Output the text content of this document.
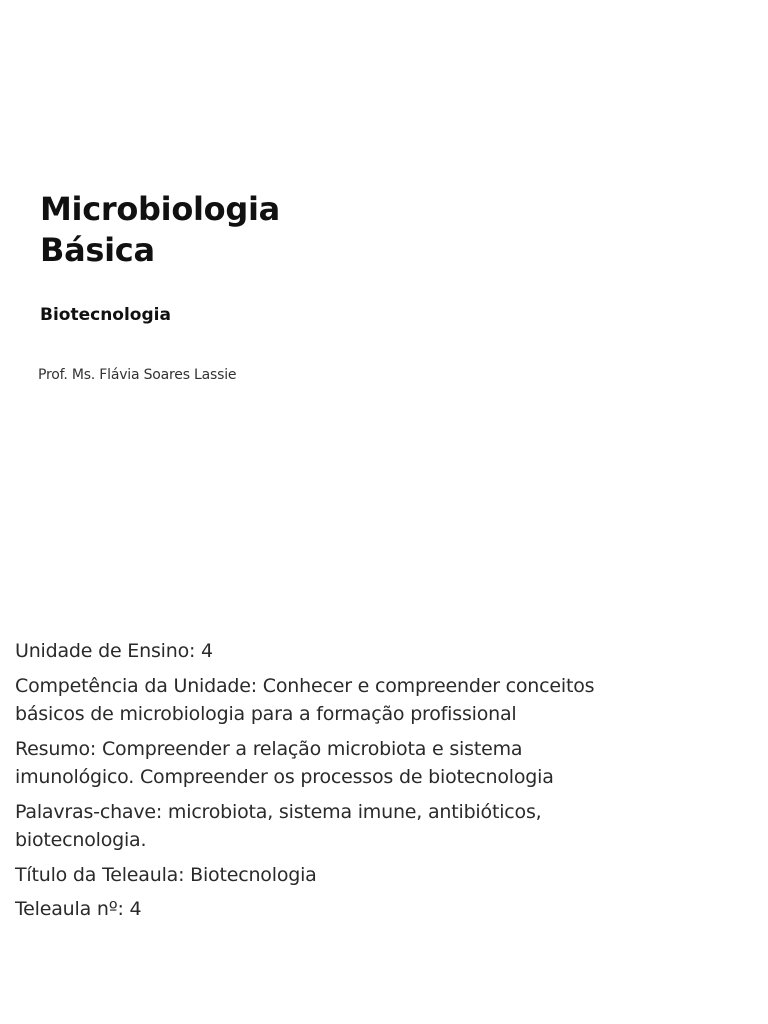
Microbiologia
Básica

Biotecnologia

Prof. Ms. Flávia Soares Lassie

Unidade de Ensino: 4
Competência da Unidade: Conhecer e compreender conceitos
básicos de microbiologia para a formação profissional
Resumo: Compreender a relação microbiota e sistema
imunológico. Compreender os processos de biotecnologia
Palavras-chave: microbiota, sistema imune, antibióticos,
biotecnologia.
Título da Teleaula: Biotecnologia
Teleaula nº: 4
